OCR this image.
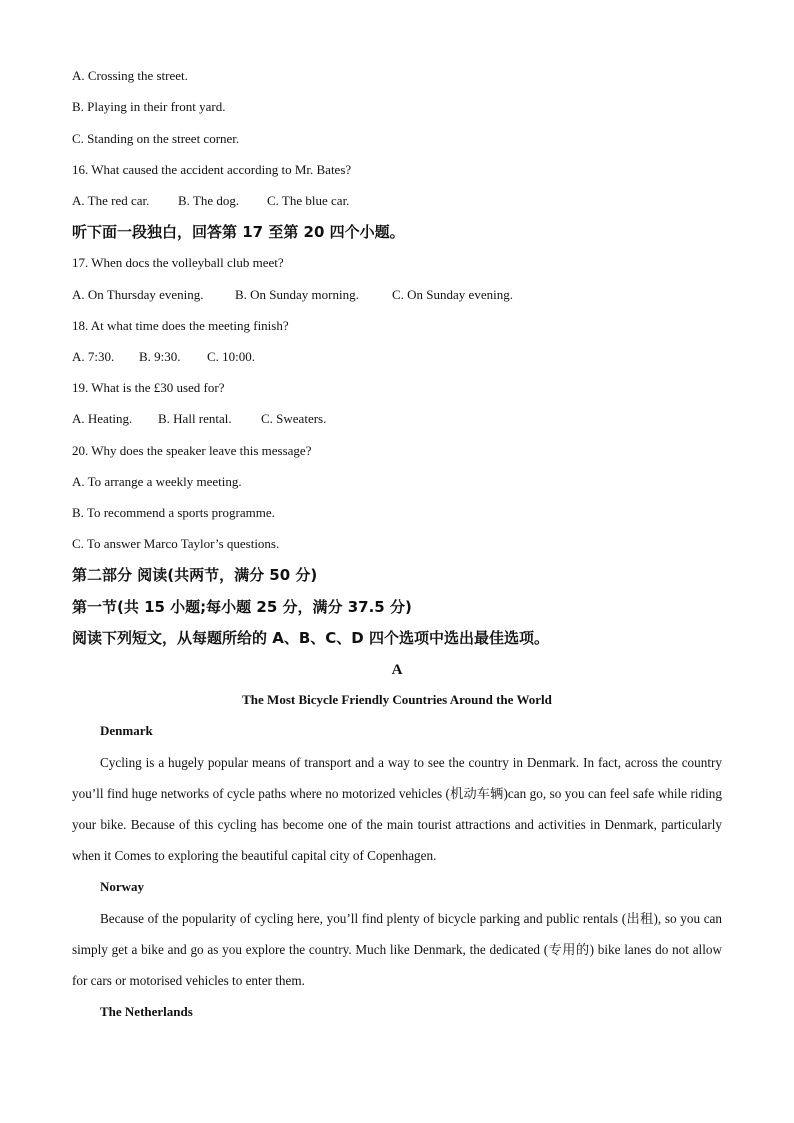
A. Crossing the street.
B. Playing in their front yard.
C. Standing on the street corner.
16. What caused the accident according to Mr. Bates?
A. The red car. B. The dog. C. The blue car.
听下面一段独白，回答第 17 至第 20 四个小题。
17. When docs the volleyball club meet?
A. On Thursday evening. B. On Sunday morning.	C. On Sunday evening.
18. At what time does the meeting finish?
A. 7:30. B. 9:30. C. 10:00.
19. What is the £30 used for?
A. Heating. B. Hall rental. C. Sweaters.
20. Why does the speaker leave this message?
A. To arrange a weekly meeting.
B. To recommend a sports programme.
C. To answer Marco Taylor’s questions.
第二部分 阅读(共两节，满分 50 分)
第一节(共 15 小题;每小题 25 分，满分 37.5 分)
阅读下列短文，从每题所给的 A、B、C、D 四个选项中选出最佳选项。
A
The Most Bicycle Friendly Countries Around the World
Denmark

Cycling is a hugely popular means of transport and a way to see the country in Denmark. In fact, across the country you’ll find huge networks of cycle paths where no motorized vehicles (机动车辆)can go, so you can feel safe while riding your bike. Because of this cycling has become one of the main tourist attractions and activities in Denmark, particularly when it Comes to exploring the beautiful capital city of Copenhagen.

Norway

Because of the popularity of cycling here, you’ll find plenty of bicycle parking and public rentals (出租), so you can simply get a bike and go as you explore the country. Much like Denmark, the dedicated (专用的) bike lanes do not allow for cars or motorised vehicles to enter them.

The Netherlands
